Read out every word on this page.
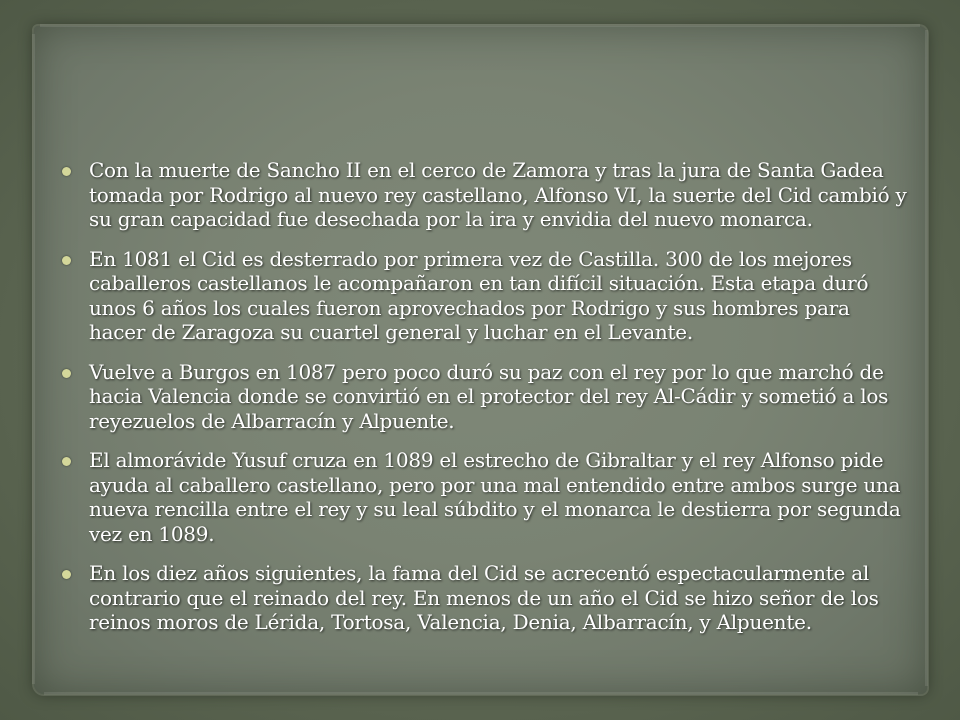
Con la muerte de Sancho II en el cerco de Zamora y tras la jura de Santa Gadea tomada por Rodrigo al nuevo rey castellano, Alfonso VI, la suerte del Cid cambió y su gran capacidad fue desechada por la ira y envidia del nuevo monarca.
En 1081 el Cid es desterrado por primera vez de Castilla. 300 de los mejores caballeros castellanos le acompañaron en tan difícil situación. Esta etapa duró unos 6 años los cuales fueron aprovechados por Rodrigo y sus hombres para hacer de Zaragoza su cuartel general y luchar en el Levante.
Vuelve a Burgos en 1087 pero poco duró su paz con el rey por lo que marchó de hacia Valencia donde se convirtió en el protector del rey Al-Cádir y sometió a los reyezuelos de Albarracín y Alpuente.
El almorávide Yusuf cruza en 1089 el estrecho de Gibraltar y el rey Alfonso pide ayuda al caballero castellano, pero por una mal entendido entre ambos surge una nueva rencilla entre el rey y su leal súbdito y el monarca le destierra por segunda vez en 1089.
En los diez años siguientes, la fama del Cid se acrecentó espectacularmente al contrario que el reinado del rey. En menos de un año el Cid se hizo señor de los reinos moros de Lérida, Tortosa, Valencia, Denia, Albarracín, y Alpuente.
